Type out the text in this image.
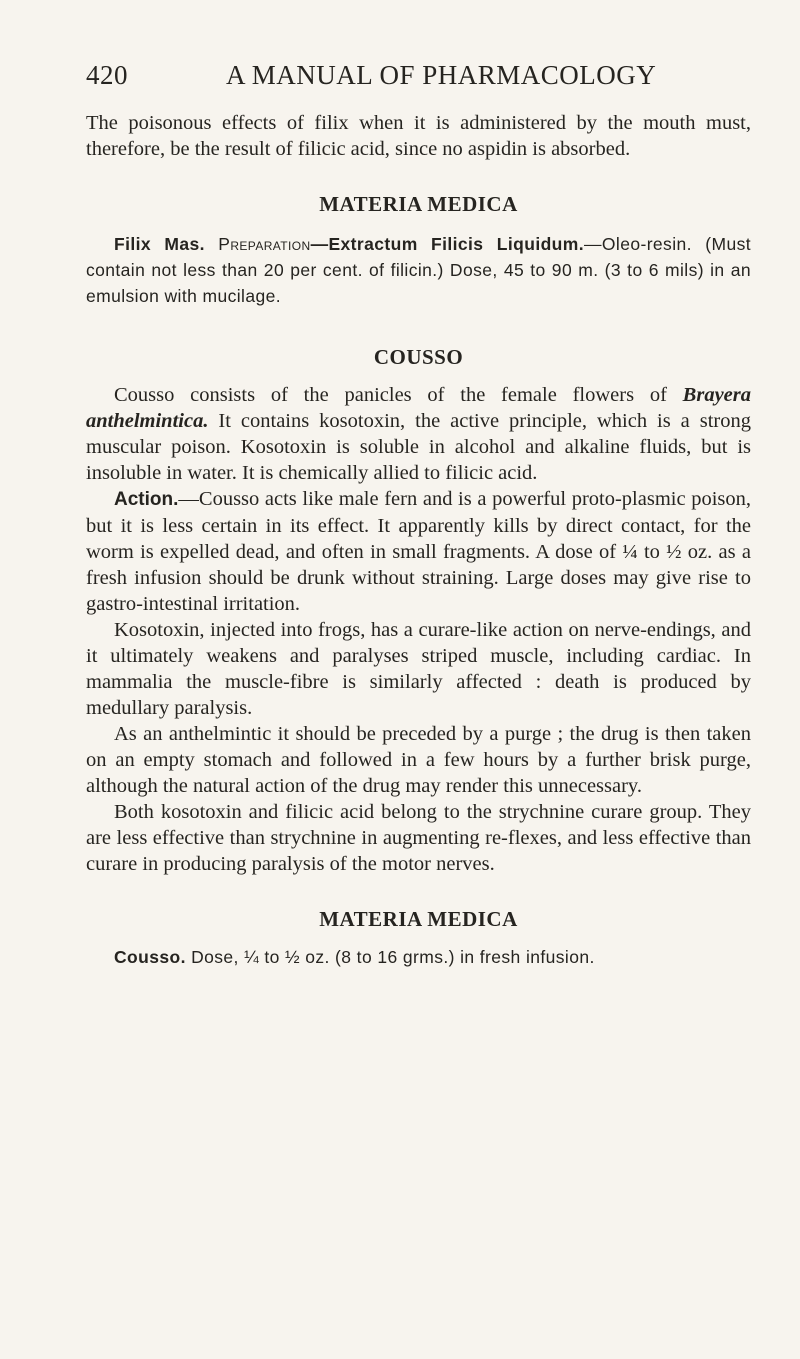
420	A MANUAL OF PHARMACOLOGY

The poisonous effects of filix when it is administered by the mouth must, therefore, be the result of filicic acid, since no aspidin is absorbed.

MATERIA MEDICA

Filix Mas. Preparation—Extractum Filicis Liquidum.—Oleo-resin. (Must contain not less than 20 per cent. of filicin.) Dose, 45 to 90 m. (3 to 6 mils) in an emulsion with mucilage.

COUSSO

Cousso consists of the panicles of the female flowers of Brayera anthelmintica. It contains kosotoxin, the active principle, which is a strong muscular poison. Kosotoxin is soluble in alcohol and alkaline fluids, but is insoluble in water. It is chemically allied to filicic acid.

Action.—Cousso acts like male fern and is a powerful proto-plasmic poison, but it is less certain in its effect. It apparently kills by direct contact, for the worm is expelled dead, and often in small fragments. A dose of ¼ to ½ oz. as a fresh infusion should be drunk without straining. Large doses may give rise to gastro-intestinal irritation.

Kosotoxin, injected into frogs, has a curare-like action on nerve-endings, and it ultimately weakens and paralyses striped muscle, including cardiac. In mammalia the muscle-fibre is similarly affected : death is produced by medullary paralysis.

As an anthelmintic it should be preceded by a purge ; the drug is then taken on an empty stomach and followed in a few hours by a further brisk purge, although the natural action of the drug may render this unnecessary.

Both kosotoxin and filicic acid belong to the strychnine curare group. They are less effective than strychnine in augmenting re-flexes, and less effective than curare in producing paralysis of the motor nerves.

MATERIA MEDICA

Cousso. Dose, ¼ to ½ oz. (8 to 16 grms.) in fresh infusion.
